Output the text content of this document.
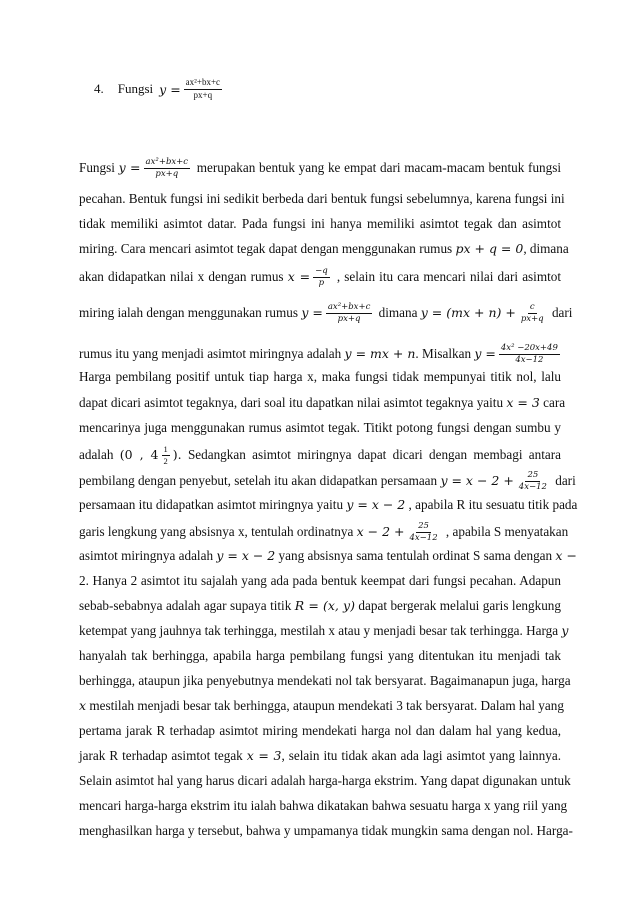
4. Fungsi $y = \frac{\text{ax²+bx+c}}{px+q}$
Fungsi $y = \frac{\text{ax²+bx+c}}{px+q}$ merupakan bentuk yang ke empat dari macam-macam bentuk fungsi
pecahan. Bentuk fungsi ini sedikit berbeda dari bentuk fungsi sebelumnya, karena fungsi ini
tidak memiliki asimtot datar. Pada fungsi ini hanya memiliki asimtot tegak dan asimtot
miring. Cara mencari asimtot tegak dapat dengan menggunakan rumus px + q = 0, dimana
akan didapatkan nilai x dengan rumus $x = \frac{-q}{p}$ , selain itu cara mencari nilai dari asimtot
miring ialah dengan menggunakan rumus $y = \frac{\text{ax²+bx+c}}{px+q}$ dimana $y = (mx + n) + \frac{c}{px+q}$ dari
rumus itu yang menjadi asimtot miringnya adalah y = mx + n. Misalkan $y = \frac{\text{4x² −20x+49}}{4x-12}$
Harga pembilang positif untuk tiap harga x, maka fungsi tidak mempunyai titik nol, lalu
dapat dicari asimtot tegaknya, dari soal itu dapatkan nilai asimtot tegaknya yaitu x = 3 cara
mencarinya juga menggunakan rumus asimtot tegak. Titikt potong fungsi dengan sumbu y
adalah (0 , $4 \frac{1}{2}$ ). Sedangkan asimtot miringnya dapat dicari dengan membagi antara
pembilang dengan penyebut, setelah itu akan didapatkan persamaan $y = x - 2 + \frac{25}{4x-12}$ dari
persamaan itu didapatkan asimtot miringnya yaitu y = x − 2 , apabila R itu sesuatu titik pada
garis lengkung yang absisnya x, tentulah ordinatnya $x - 2 + \frac{25}{4x-12}$ , apabila S menyatakan
asimtot miringnya adalah y = x − 2 yang absisnya sama tentulah ordinat S sama dengan x −
2. Hanya 2 asimtot itu sajalah yang ada pada bentuk keempat dari fungsi pecahan. Adapun
sebab-sebabnya adalah agar supaya titik R = (x, y) dapat bergerak melalui garis lengkung
ketempat yang jauhnya tak terhingga, mestilah x atau y menjadi besar tak terhingga. Harga y
hanyalah tak berhingga, apabila harga pembilang fungsi yang ditentukan itu menjadi tak
berhingga, ataupun jika penyebutnya mendekati nol tak bersyarat. Bagaimanapun juga, harga
x mestilah menjadi besar tak berhingga, ataupun mendekati 3 tak bersyarat. Dalam hal yang
pertama jarak R terhadap asimtot miring mendekati harga nol dan dalam hal yang kedua,
jarak R terhadap asimtot tegak x = 3, selain itu tidak akan ada lagi asimtot yang lainnya.
Selain asimtot hal yang harus dicari adalah harga-harga ekstrim. Yang dapat digunakan untuk
mencari harga-harga ekstrim itu ialah bahwa dikatakan bahwa sesuatu harga x yang riil yang
menghasilkan harga y tersebut, bahwa y umpamanya tidak mungkin sama dengan nol. Harga-
